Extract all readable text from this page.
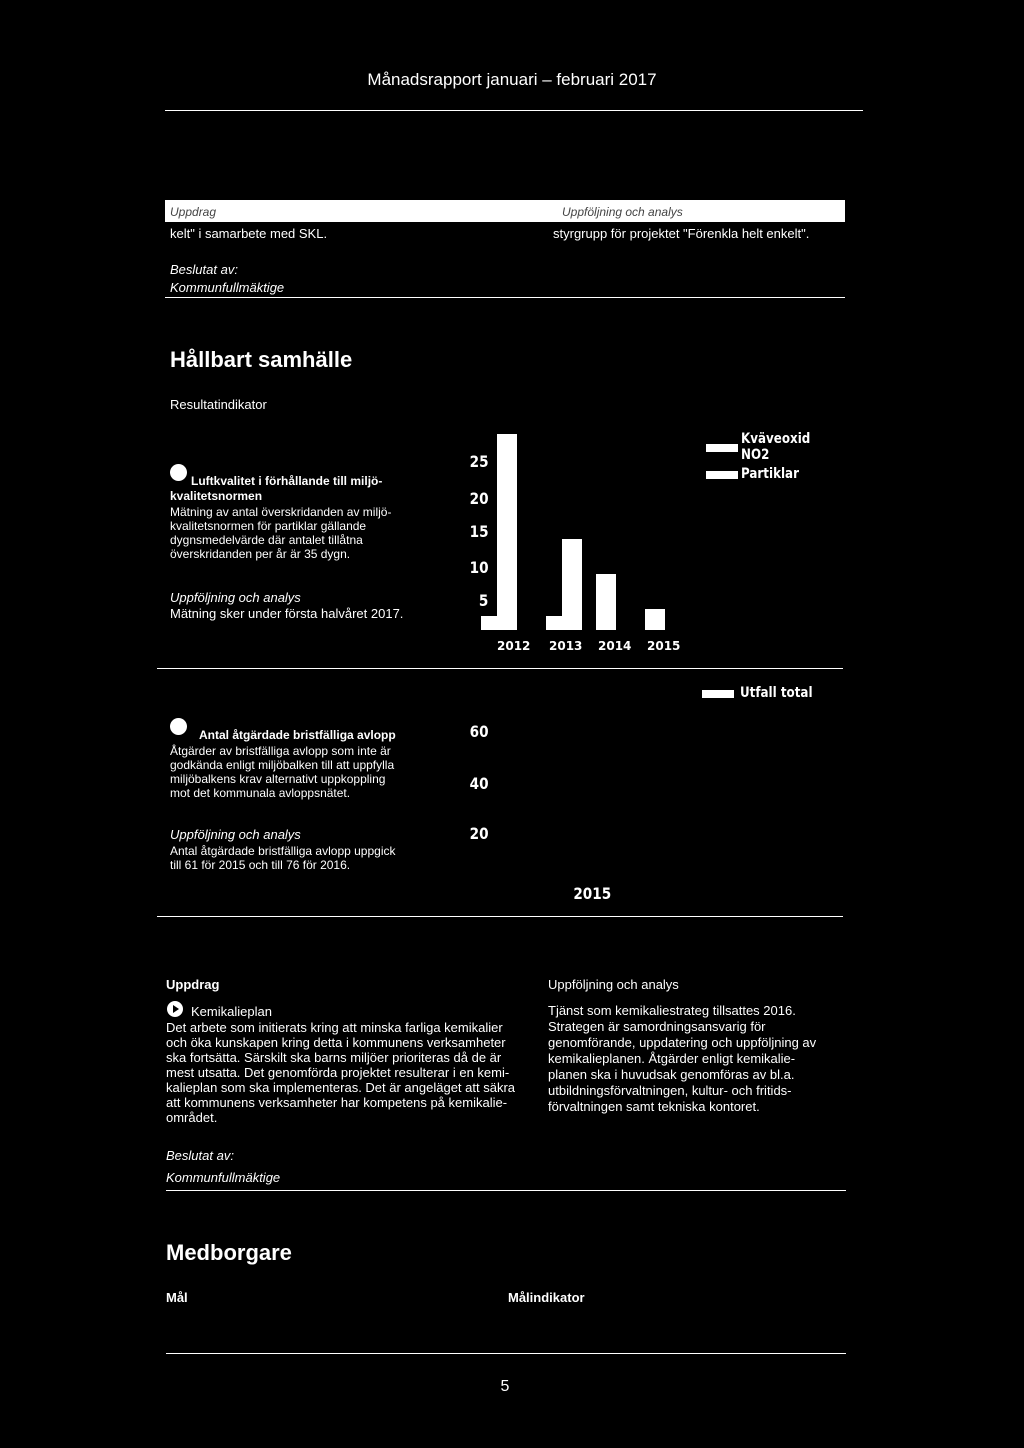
Månadsrapport januari – februari 2017
Uppdrag	Uppföljning och analys
kelt" i samarbete med SKL.	styrgrupp för projektet "Förenkla helt enkelt".
Beslutat av:
Kommunfullmäktige
Hållbart samhälle
Resultatindikator
Luftkvalitet i förhållande till miljö-
kvalitetsnormen
Mätning av antal överskridanden av miljö-
kvalitetsnormen för partiklar gällande
dygnsmedelvärde där antalet tillåtna
överskridanden per år är 35 dygn.
Uppföljning och analys
Mätning sker under första halvåret 2017.
25
20
15
10
5
2012 2013 2014 2015
Kväveoxid
NO2
Partiklar
Utfall total
Antal åtgärdade bristfälliga avlopp
Åtgärder av bristfälliga avlopp som inte är
godkända enligt miljöbalken till att uppfylla
miljöbalkens krav alternativt uppkoppling
mot det kommunala avloppsnätet.
Uppföljning och analys
Antal åtgärdade bristfälliga avlopp uppgick
till 61 för 2015 och till 76 för 2016.
60
40
20
2015
Uppdrag	Uppföljning och analys
Kemikalieplan
Det arbete som initierats kring att minska farliga kemikalier
och öka kunskapen kring detta i kommunens verksamheter
ska fortsätta. Särskilt ska barns miljöer prioriteras då de är
mest utsatta. Det genomförda projektet resulterar i en kemi-
kalieplan som ska implementeras. Det är angeläget att säkra
att kommunens verksamheter har kompetens på kemikalie-
området.
Tjänst som kemikaliestrateg tillsattes 2016.
Strategen är samordningsansvarig för
genomförande, uppdatering och uppföljning av
kemikalieplanen. Åtgärder enligt kemikalie-
planen ska i huvudsak genomföras av bl.a.
utbildningsförvaltningen, kultur- och fritids-
förvaltningen samt tekniska kontoret.
Beslutat av:
Kommunfullmäktige
Medborgare
Mål	Målindikator
5
